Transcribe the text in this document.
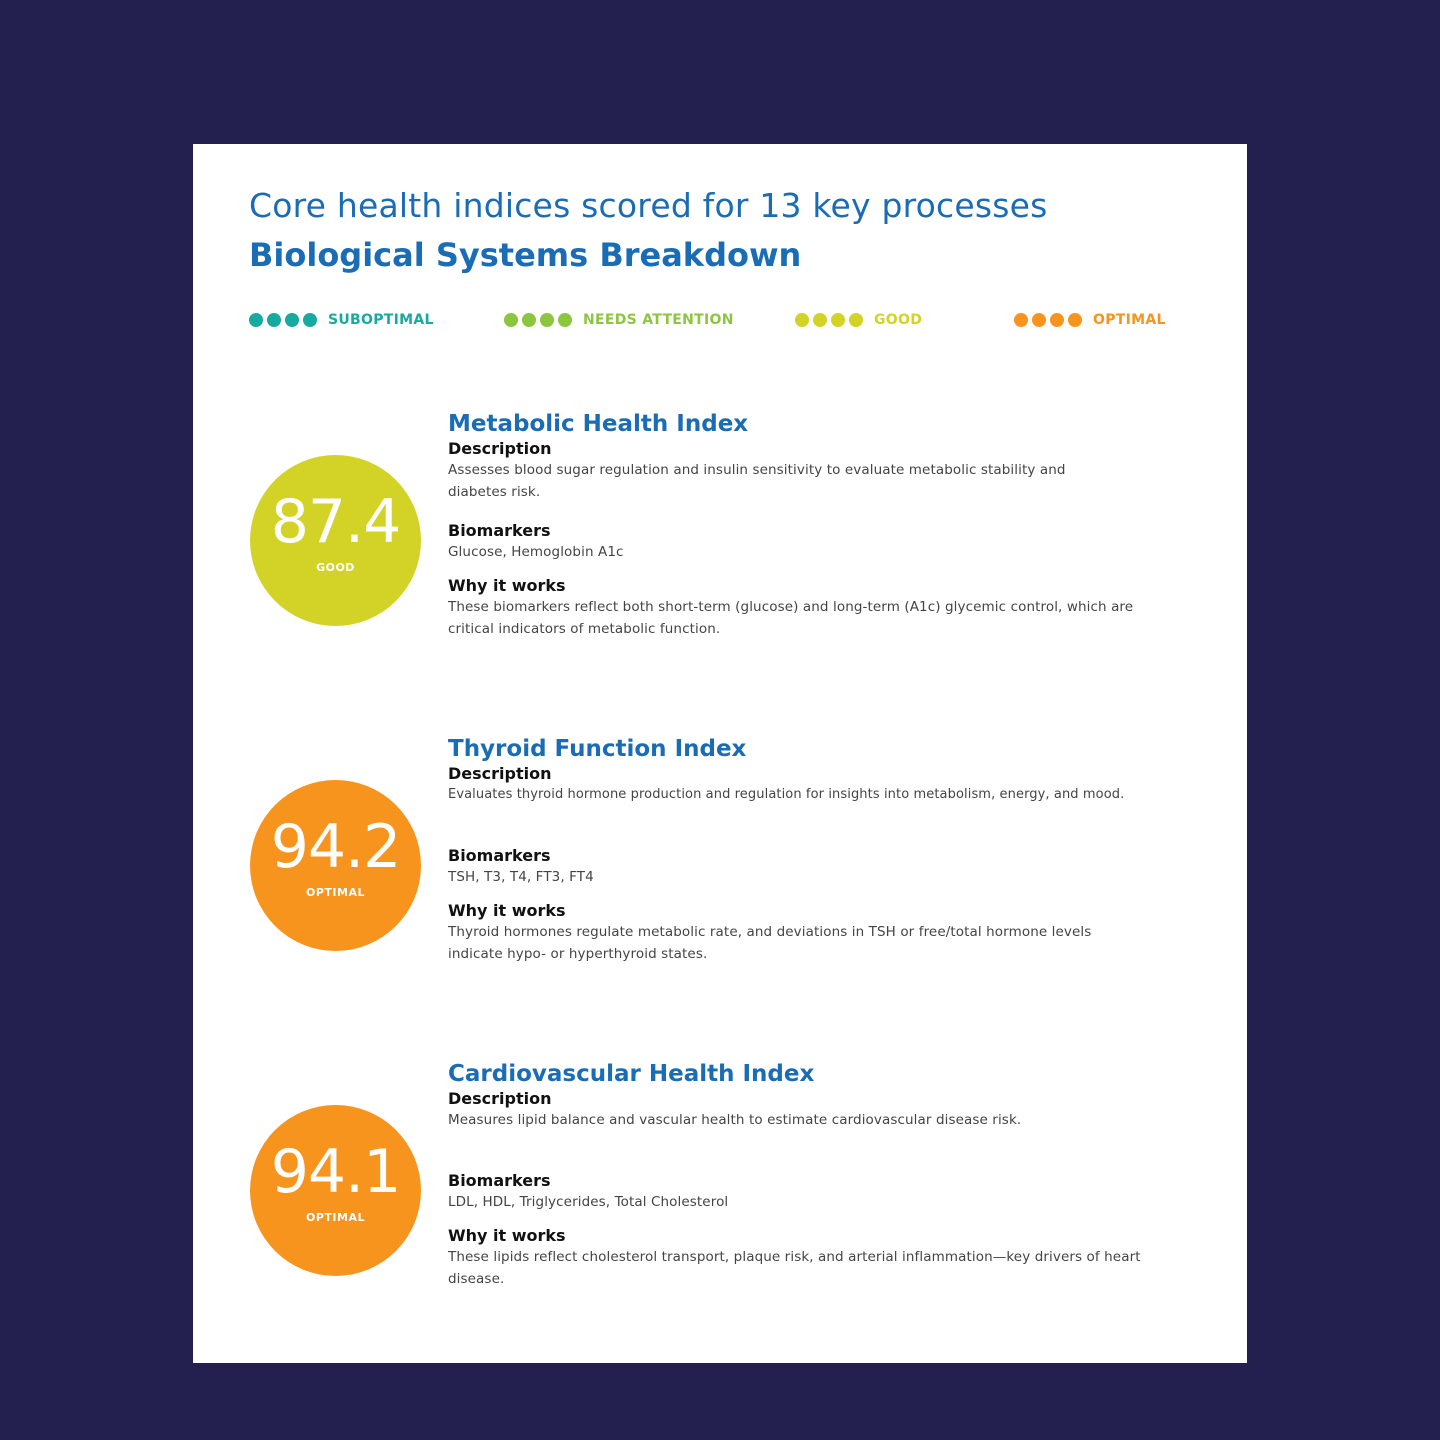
Core health indices scored for 13 key processes
Biological Systems Breakdown
SUBOPTIMAL	NEEDS ATTENTION	GOOD	OPTIMAL
87.4
GOOD
Metabolic Health Index
Description
Assesses blood sugar regulation and insulin sensitivity to evaluate metabolic stability and diabetes risk.
Biomarkers
Glucose, Hemoglobin A1c
Why it works
These biomarkers reflect both short-term (glucose) and long-term (A1c) glycemic control, which are critical indicators of metabolic function.
94.2
OPTIMAL
Thyroid Function Index
Description
Evaluates thyroid hormone production and regulation for insights into metabolism, energy, and mood.
Biomarkers
TSH, T3, T4, FT3, FT4
Why it works
Thyroid hormones regulate metabolic rate, and deviations in TSH or free/total hormone levels indicate hypo- or hyperthyroid states.
94.1
OPTIMAL
Cardiovascular Health Index
Description
Measures lipid balance and vascular health to estimate cardiovascular disease risk.
Biomarkers
LDL, HDL, Triglycerides, Total Cholesterol
Why it works
These lipids reflect cholesterol transport, plaque risk, and arterial inflammation—key drivers of heart disease.
